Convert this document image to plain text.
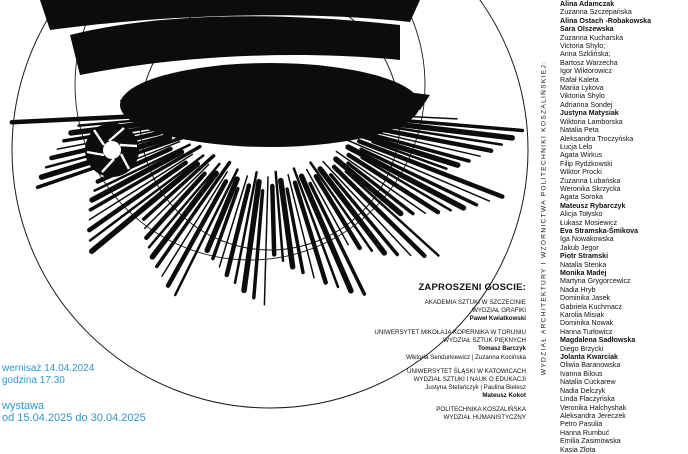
ZAPROSZENI GOSCIE:
AKADEMIA SZTUKI W SZCZECINIE
WYDZIAŁ GRAFIKI
Paweł Kwiatkowski
UNIWERSYTET MIKOŁAJA KOPERNIKA W TORUNIU
WYDZIAŁ SZTUK PIĘKNYCH
Tomasz Barczyk
Wiktoria Sendurkiewicz | Zuzanna Kocińska
UNIWERSYTET ŚLĄSKI W KATOWICACH
WYDZIAŁ SZTUKI I NAUK O EDUKACJI
Justyna Stefańczyk | Paulina Bielesz
Mateusz Kokot
POLITECHNIKA KOSZALIŃSKA
WYDZIAŁ HUMANISTYCZNY
wernisaż 14.04.2024
godzina 17.30
wystawa
od 15.04.2025 do 30.04.2025
WYDZIAŁ ARCHITEKTURY I WZORNICTWA POLITECHNIKI KOSZALIŃSKIEJ:
Alina Adamczak
Zuzanna Szczepańska
Alina Ostach -Robakowska
Sara Olszewska
Zuzanna Kucharska
Victoria Shylo;
Anna Szklińska;
Bartosz Warzecha
Igor Wiktorowicz
Rafał Kaleta
Mariia Lykova
Viktoriia Shylo
Adrianna Sondej
Justyna Matysiak
Wiktoria Lamborska
Natalia Peta
Aleksandra Troczyńska
Łucja Lelo
Agata Wirkus
Filip Rydzkowski
Wiktor Procki
Zuzanna Lubańska
Weronika Skrzycka
Agata Soroka
Mateusz Rybarczyk
Alicja Tołysko
Łukasz Mosiewicz
Eva Stramska-Śmikova
Iga Nowakowska
Jakub Jegor
Piotr Stramski
Natalia Stenka
Monika Madej
Martyna Grygorcewicz
Nadia Hryb
Dominika Jasek
Gabriela Kuchmacz
Karolia Misiak
Dominika Nowak
Hanna Turłowicz
Magdalena Sadłowska
Diego Brzycki
Jolanta Kwarciak
Oliwia Baranowska
Ivanna Bilous
Natalia Cuckarew
Nadia Delczyk
Linda Flaczyńska
Veronika Halchyshak
Aleksandra Jereczek
Petro Pasulia
Hanna Rumbuć
Emilia Zasimowska
Kasia Złota
